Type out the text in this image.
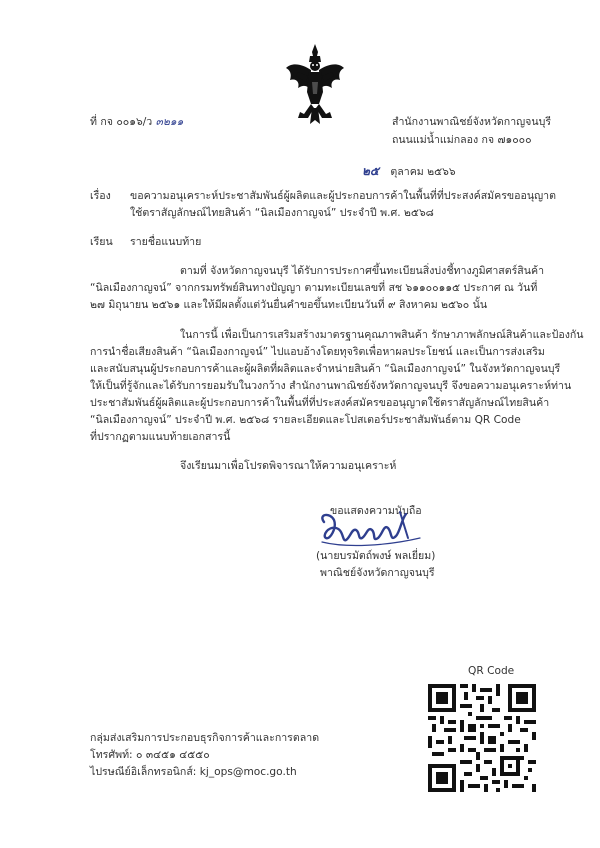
ที่ กจ ๐๐๑๖/ว ๓๒๑๑	สำนักงานพาณิชย์จังหวัดกาญจนบุรี
ถนนแม่น้ำแม่กลอง กจ ๗๑๐๐๐
๒๕ ตุลาคม ๒๕๖๖
เรื่อง ขอความอนุเคราะห์ประชาสัมพันธ์ผู้ผลิตและผู้ประกอบการค้าในพื้นที่ที่ประสงค์สมัครขออนุญาต
ใช้ตราสัญลักษณ์ไทยสินค้า “นิลเมืองกาญจน์” ประจำปี พ.ศ. ๒๕๖๘
เรียน รายชื่อแนบท้าย
ตามที่ จังหวัดกาญจนบุรี ได้รับการประกาศขึ้นทะเบียนสิ่งบ่งชี้ทางภูมิศาสตร์สินค้า
“นิลเมืองกาญจน์” จากกรมทรัพย์สินทางปัญญา ตามทะเบียนเลขที่ สช ๖๑๑๐๐๑๑๕ ประกาศ ณ วันที่
๒๗ มิถุนายน ๒๕๖๑ และให้มีผลตั้งแต่วันยื่นคำขอขึ้นทะเบียนวันที่ ๙ สิงหาคม ๒๕๖๐ นั้น
ในการนี้ เพื่อเป็นการเสริมสร้างมาตรฐานคุณภาพสินค้า รักษาภาพลักษณ์สินค้าและป้องกัน
การนำชื่อเสียงสินค้า “นิลเมืองกาญจน์” ไปแอบอ้างโดยทุจริตเพื่อหาผลประโยชน์ และเป็นการส่งเสริม
และสนับสนุนผู้ประกอบการค้าและผู้ผลิตที่ผลิตและจำหน่ายสินค้า “นิลเมืองกาญจน์” ในจังหวัดกาญจนบุรี
ให้เป็นที่รู้จักและได้รับการยอมรับในวงกว้าง สำนักงานพาณิชย์จังหวัดกาญจนบุรี จึงขอความอนุเคราะห์ท่าน
ประชาสัมพันธ์ผู้ผลิตและผู้ประกอบการค้าในพื้นที่ที่ประสงค์สมัครขออนุญาตใช้ตราสัญลักษณ์ไทยสินค้า
“นิลเมืองกาญจน์” ประจำปี พ.ศ. ๒๕๖๘ รายละเอียดและโปสเตอร์ประชาสัมพันธ์ตาม QR Code
ที่ปรากฏตามแนบท้ายเอกสารนี้
จึงเรียนมาเพื่อโปรดพิจารณาให้ความอนุเคราะห์
ขอแสดงความนับถือ
(นายบรมัตถ์พงษ์ พลเยี่ยม)
พาณิชย์จังหวัดกาญจนบุรี
QR Code
กลุ่มส่งเสริมการประกอบธุรกิจการค้าและการตลาด
โทรศัพท์: ๐ ๓๔๕๑ ๔๕๕๐
ไปรษณีย์อิเล็กทรอนิกส์: kj_ops@moc.go.th
